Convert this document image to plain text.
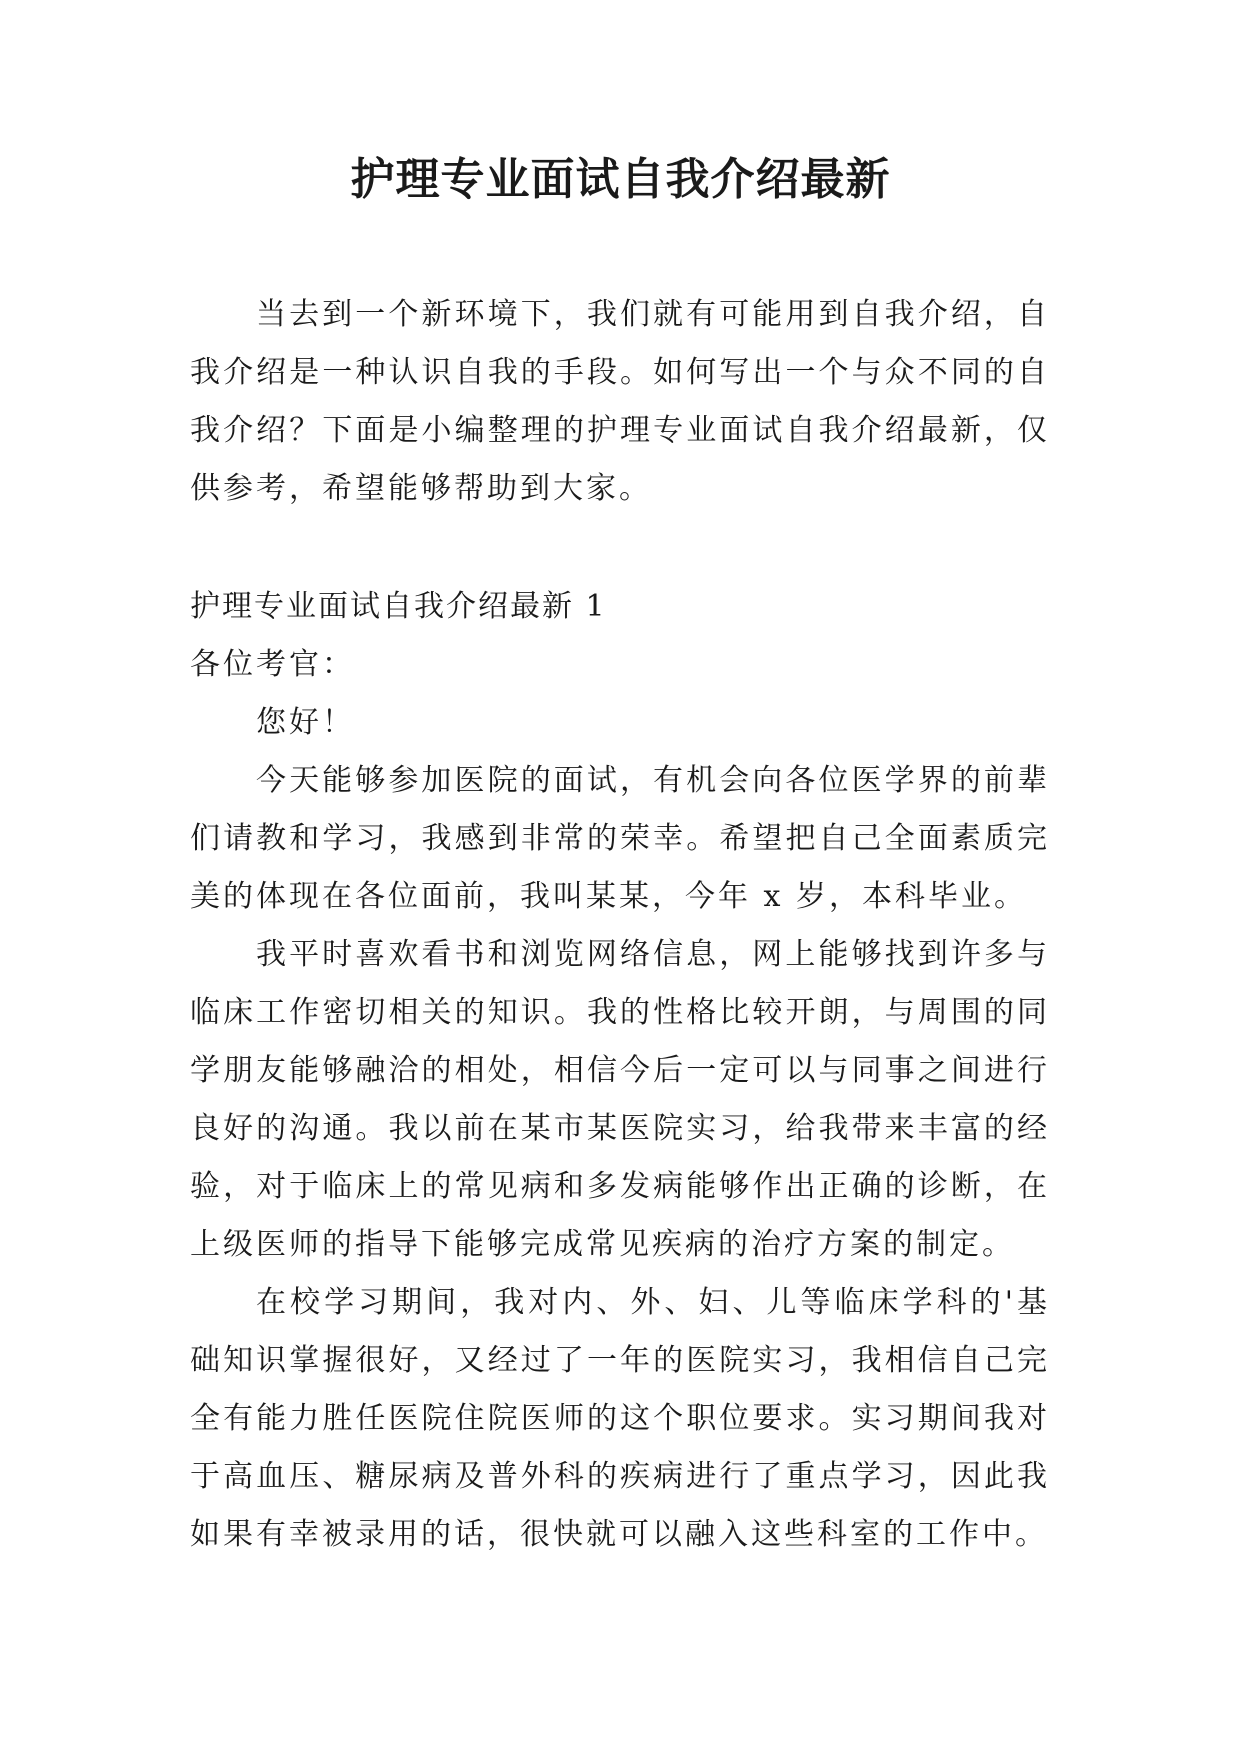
护理专业面试自我介绍最新

当去到一个新环境下，我们就有可能用到自我介绍，自我介绍是一种认识自我的手段。如何写出一个与众不同的自我介绍？下面是小编整理的护理专业面试自我介绍最新，仅供参考，希望能够帮助到大家。

护理专业面试自我介绍最新 1

各位考官：

您好！

今天能够参加医院的面试，有机会向各位医学界的前辈们请教和学习，我感到非常的荣幸。希望把自己全面素质完美的体现在各位面前，我叫某某，今年 x 岁，本科毕业。

我平时喜欢看书和浏览网络信息，网上能够找到许多与临床工作密切相关的知识。我的性格比较开朗，与周围的同学朋友能够融洽的相处，相信今后一定可以与同事之间进行良好的沟通。我以前在某市某医院实习，给我带来丰富的经验，对于临床上的常见病和多发病能够作出正确的诊断，在上级医师的指导下能够完成常见疾病的治疗方案的制定。

在校学习期间，我对内、外、妇、儿等临床学科的'基础知识掌握很好，又经过了一年的医院实习，我相信自己完全有能力胜任医院住院医师的这个职位要求。实习期间我对于高血压、糖尿病及普外科的疾病进行了重点学习，因此我如果有幸被录用的话，很快就可以融入这些科室的工作中。
